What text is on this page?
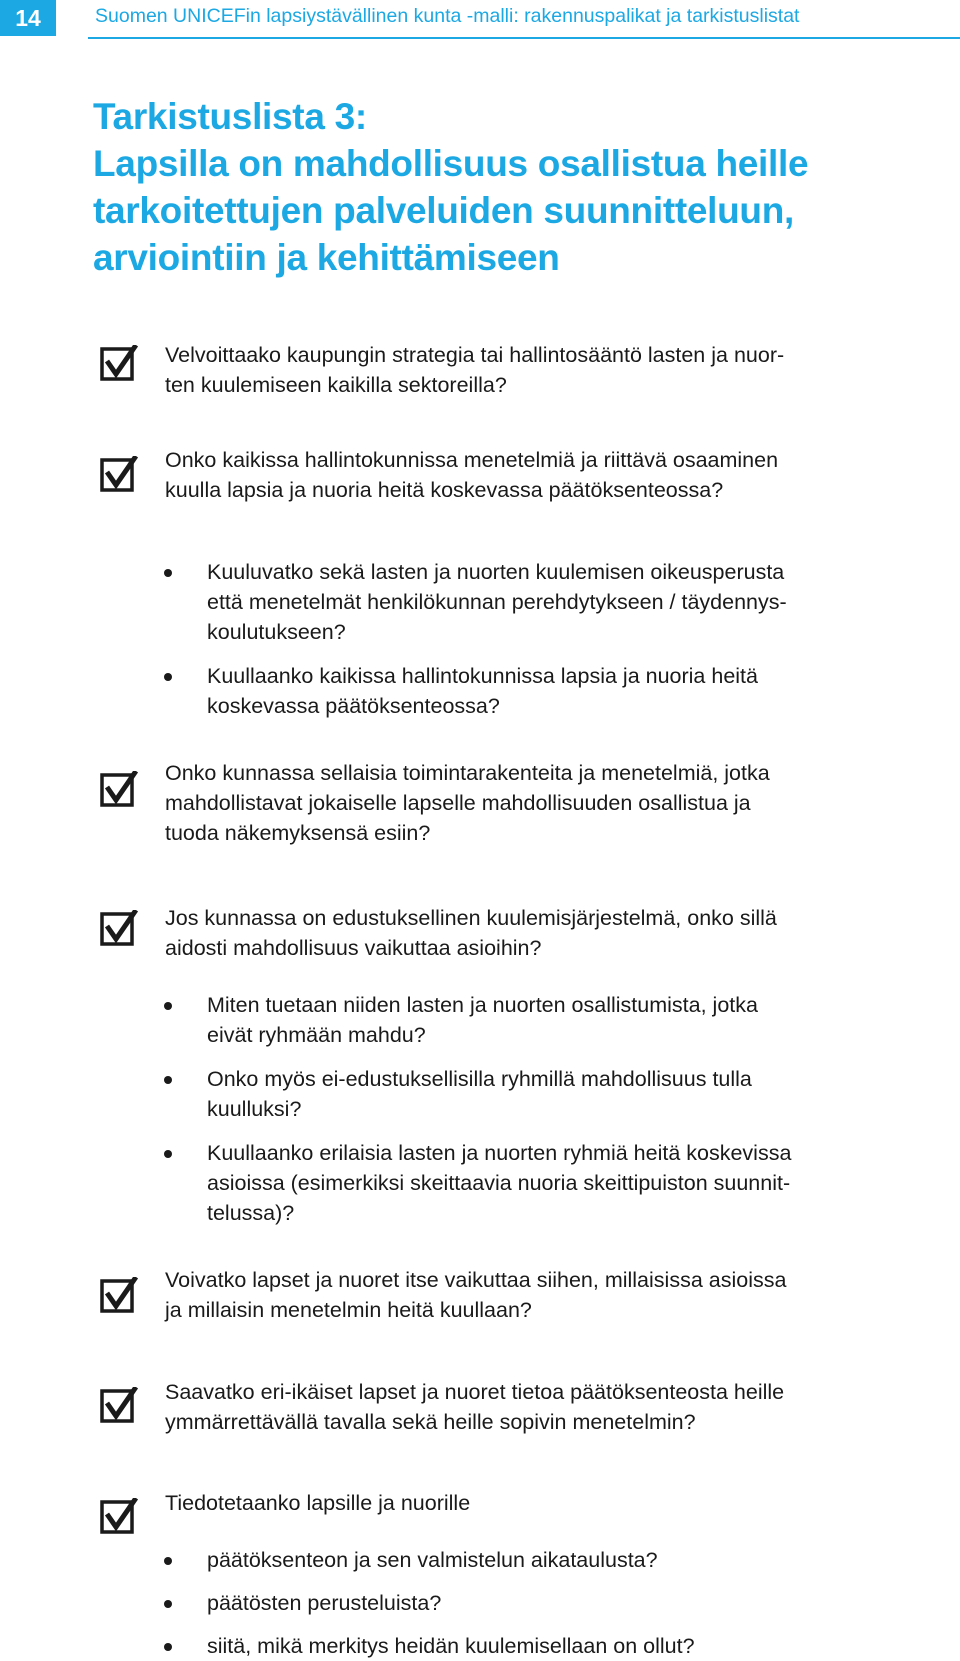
14	Suomen UNICEFin lapsiystävällinen kunta -malli: rakennuspalikat ja tarkistuslistat
Tarkistuslista 3:
Lapsilla on mahdollisuus osallistua heille
tarkoitettujen palveluiden suunnitteluun,
arviointiin ja kehittämiseen
Velvoittaako kaupungin strategia tai hallintosääntö lasten ja nuor-
ten kuulemiseen kaikilla sektoreilla?
Onko kaikissa hallintokunnissa menetelmiä ja riittävä osaaminen
kuulla lapsia ja nuoria heitä koskevassa päätöksenteossa?
Kuuluvatko sekä lasten ja nuorten kuulemisen oikeusperusta
että menetelmät henkilökunnan perehdytykseen / täydennys-
koulutukseen?
Kuullaanko kaikissa hallintokunnissa lapsia ja nuoria heitä
koskevassa päätöksenteossa?
Onko kunnassa sellaisia toimintarakenteita ja menetelmiä, jotka
mahdollistavat jokaiselle lapselle mahdollisuuden osallistua ja
tuoda näkemyksensä esiin?
Jos kunnassa on edustuksellinen kuulemisjärjestelmä, onko sillä
aidosti mahdollisuus vaikuttaa asioihin?
Miten tuetaan niiden lasten ja nuorten osallistumista, jotka
eivät ryhmään mahdu?
Onko myös ei-edustuksellisilla ryhmillä mahdollisuus tulla
kuulluksi?
Kuullaanko erilaisia lasten ja nuorten ryhmiä heitä koskevissa
asioissa (esimerkiksi skeittaavia nuoria skeittipuiston suunnit-
telussa)?
Voivatko lapset ja nuoret itse vaikuttaa siihen, millaisissa asioissa
ja millaisin menetelmin heitä kuullaan?
Saavatko eri-ikäiset lapset ja nuoret tietoa päätöksenteosta heille
ymmärrettävällä tavalla sekä heille sopivin menetelmin?
Tiedotetaanko lapsille ja nuorille
päätöksenteon ja sen valmistelun aikataulusta?
päätösten perusteluista?
siitä, mikä merkitys heidän kuulemisellaan on ollut?
